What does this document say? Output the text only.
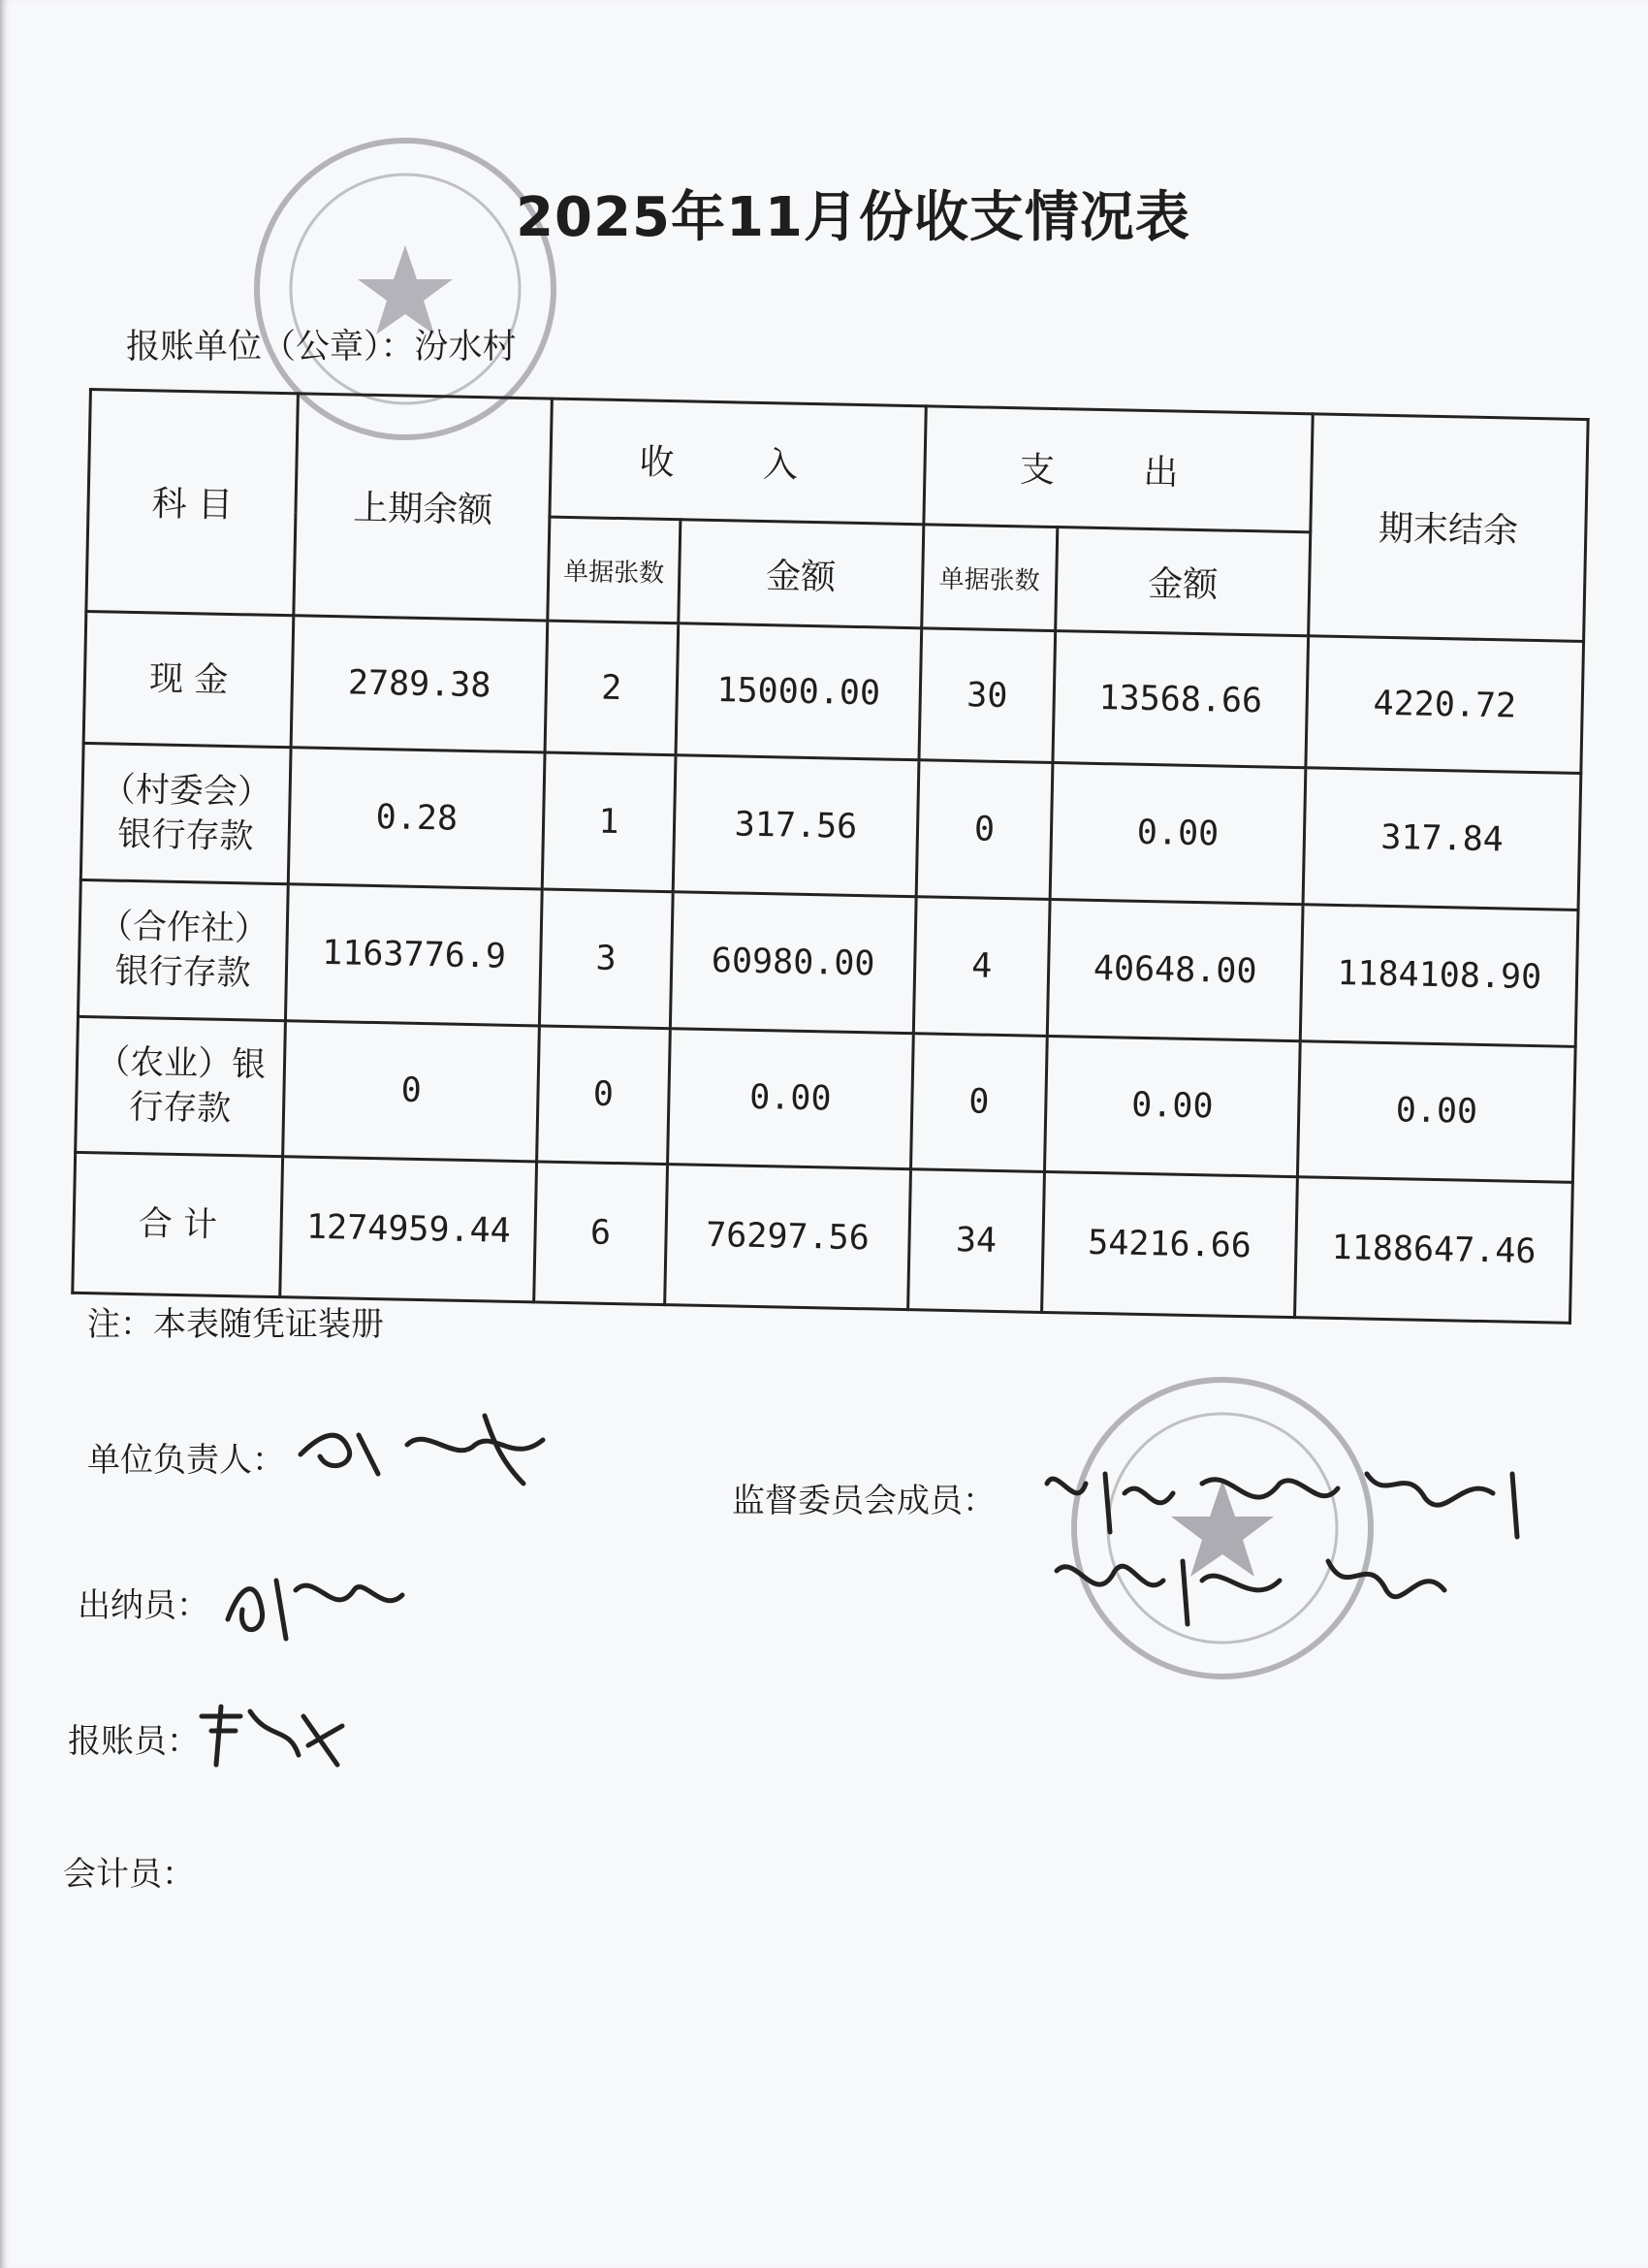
2025年11月份收支情况表
报账单位（公章）：汾水村
科 目	上期余额	收 入		支 出		期末结余
		单据张数	金额	单据张数	金额	
现 金	2789.38	2	15000.00	30	13568.66	4220.72

（村委会）
银行存款	0.28	1	317.56	0	0.00	317.84

（合作社）
银行存款	1163776.9	3	60980.00	4	40648.00	1184108.90

（农业）银
行存款	0	0	0.00	0	0.00	0.00
合 计	1274959.44	6	76297.56	34	54216.66	1188647.46
注：本表随凭证装册
单位负责人：
出纳员：
报账员：
会计员：
监督委员会成员：
